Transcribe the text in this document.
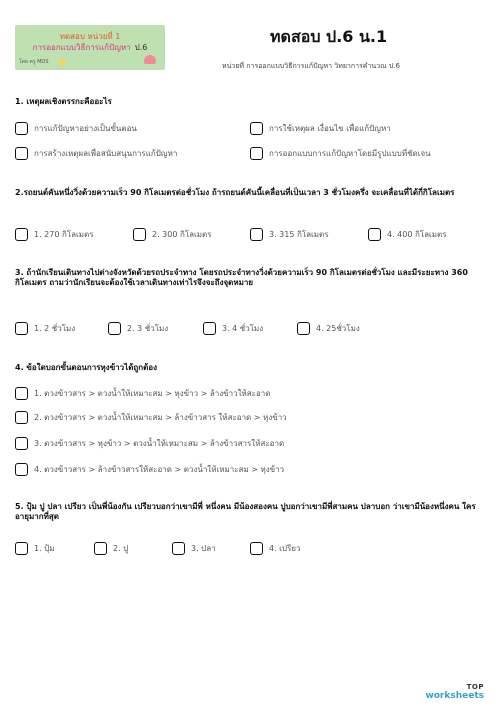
ทดสอบ หน่วยที่ 1
การออกแบบวิธีการแก้ปัญหา ป.6
โดย ครู MOS
ทดสอบ ป.6 น.1
หน่วยที่ การออกแบบวิธีการแก้ปัญหา วิทยาการคำนวณ ป.6
1. เหตุผลเชิงตรรกะคืออะไร
การแก้ปัญหาอย่างเป็นขั้นตอน	การใช้เหตุผล เงื่อนไข เพื่อแก้ปัญหา
การสร้างเหตุผลเพื่อสนับสนุนการแก้ปัญหา	การออกแบบการแก้ปัญหาโดยมีรูปแบบที่ชัดเจน
2.รถยนต์คันหนึ่งวิ่งด้วยความเร็ว 90 กิโลเมตรต่อชั่วโมง ถ้ารถยนต์คันนี้เคลื่อนที่เป็นเวลา 3 ชั่วโมงครึ่ง จะเคลื่อนที่ได้กี่กิโลเมตร
1. 270 กิโลเมตร	2. 300 กิโลเมตร	3. 315 กิโลเมตร	4. 400 กิโลเมตร
3. ถ้านักเรียนเดินทางไปต่างจังหวัดด้วยรถประจำทาง โดยรถประจำทางวิ่งด้วยความเร็ว 90 กิโลเมตรต่อชั่วโมง และมีระยะทาง 360 กิโลเมตร ถามว่านักเรียนจะต้องใช้เวลาเดินทางเท่าไรจึงจะถึงจุดหมาย
1. 2 ชั่วโมง	2. 3 ชั่วโมง	3. 4 ชั่วโมง	4. 25ชั่วโมง
4. ข้อใดบอกขั้นตอนการหุงข้าวได้ถูกต้อง
1. ตวงข้าวสาร > ตวงน้ำให้เหมาะสม > หุงข้าว > ล้างข้าวให้สะอาด
2. ตวงข้าวสาร > ตวงน้ำให้เหมาะสม > ล้างข้าวสาร ให้สะอาด > หุงข้าว
3. ตวงข้าวสาร > หุงข้าว > ตวงน้ำให้เหมาะสม > ล้างข้าวสารให้สะอาด
4. ตวงข้าวสาร > ล้างข้าวสารให้สะอาด > ตวงน้ำให้เหมาะสม > หุงข้าว
5. ปุ้ม ปู ปลา เปรียว เป็นพี่น้องกัน เปรียวบอกว่าเขามีพี่ หนึ่งคน มีน้องสองคน ปูบอกว่าเขามีพี่สามคน ปลาบอก ว่าเขามีน้องหนึ่งคน ใครอายุมากที่สุด
1. ปุ้ม	2. ปู	3. ปลา	4. เปรียว
TOP
worksheets
